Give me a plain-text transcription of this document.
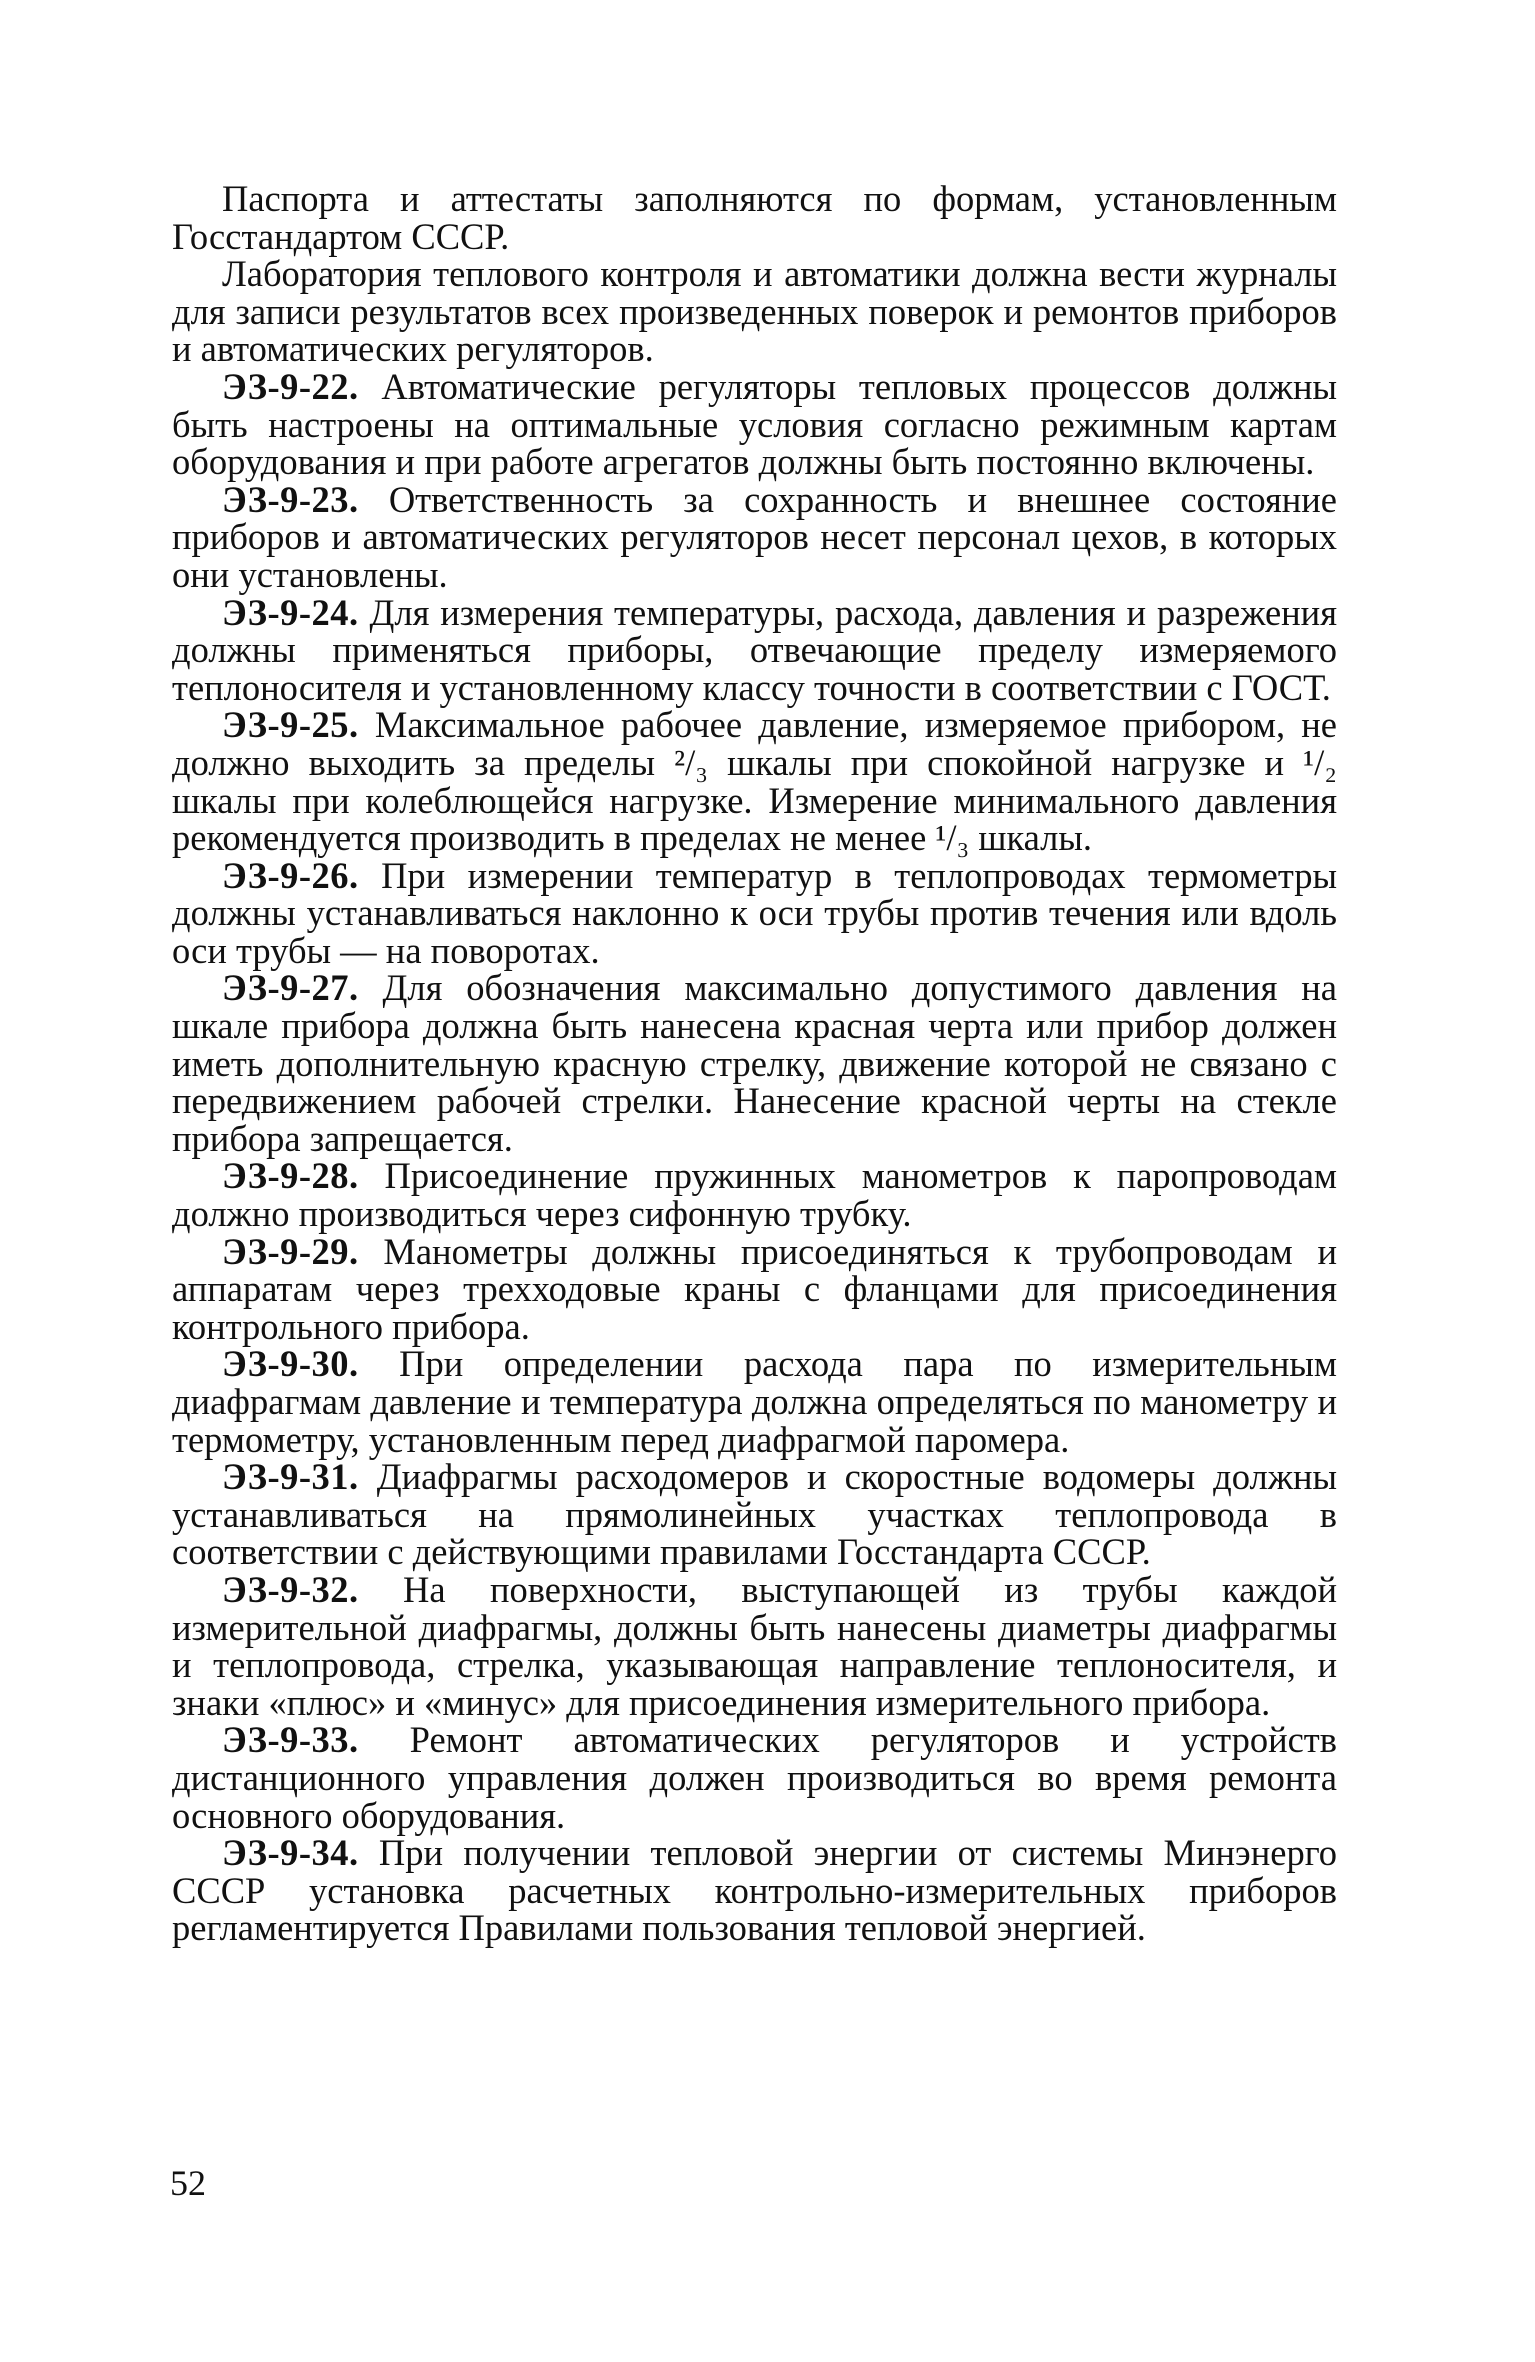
Паспорта и аттестаты заполняются по формам, установленным Госстандартом СССР.

Лаборатория теплового контроля и автоматики должна вести журналы для записи результатов всех произведенных поверок и ремонтов приборов и автоматических регуляторов.

ЭЗ-9-22. Автоматические регуляторы тепловых процессов должны быть настроены на оптимальные условия согласно режимным картам оборудования и при работе агрегатов должны быть постоянно включены.

ЭЗ-9-23. Ответственность за сохранность и внешнее состояние приборов и автоматических регуляторов несет персонал цехов, в которых они установлены.

ЭЗ-9-24. Для измерения температуры, расхода, давления и разрежения должны применяться приборы, отвечающие пределу измеряемого теплоносителя и установленному классу точности в соответствии с ГОСТ.

ЭЗ-9-25. Максимальное рабочее давление, измеряемое прибором, не должно выходить за пределы ²/₃ шкалы при спокойной нагрузке и ¹/₂ шкалы при колеблющейся нагрузке. Измерение минимального давления рекомендуется производить в пределах не менее ¹/₃ шкалы.

ЭЗ-9-26. При измерении температур в теплопроводах термометры должны устанавливаться наклонно к оси трубы против течения или вдоль оси трубы — на поворотах.

ЭЗ-9-27. Для обозначения максимально допустимого давления на шкале прибора должна быть нанесена красная черта или прибор должен иметь дополнительную красную стрелку, движение которой не связано с передвижением рабочей стрелки. Нанесение красной черты на стекле прибора запрещается.

ЭЗ-9-28. Присоединение пружинных манометров к паропроводам должно производиться через сифонную трубку.

ЭЗ-9-29. Манометры должны присоединяться к трубопроводам и аппаратам через трехходовые краны с фланцами для присоединения контрольного прибора.

ЭЗ-9-30. При определении расхода пара по измерительным диафрагмам давление и температура должна определяться по манометру и термометру, установленным перед диафрагмой паромера.

ЭЗ-9-31. Диафрагмы расходомеров и скоростные водомеры должны устанавливаться на прямолинейных участках теплопровода в соответствии с действующими правилами Госстандарта СССР.

ЭЗ-9-32. На поверхности, выступающей из трубы каждой измерительной диафрагмы, должны быть нанесены диаметры диафрагмы и теплопровода, стрелка, указывающая направление теплоносителя, и знаки «плюс» и «минус» для присоединения измерительного прибора.

ЭЗ-9-33. Ремонт автоматических регуляторов и устройств дистанционного управления должен производиться во время ремонта основного оборудования.

ЭЗ-9-34. При получении тепловой энергии от системы Минэнерго СССР установка расчетных контрольно-измерительных приборов регламентируется Правилами пользования тепловой энергией.

52
